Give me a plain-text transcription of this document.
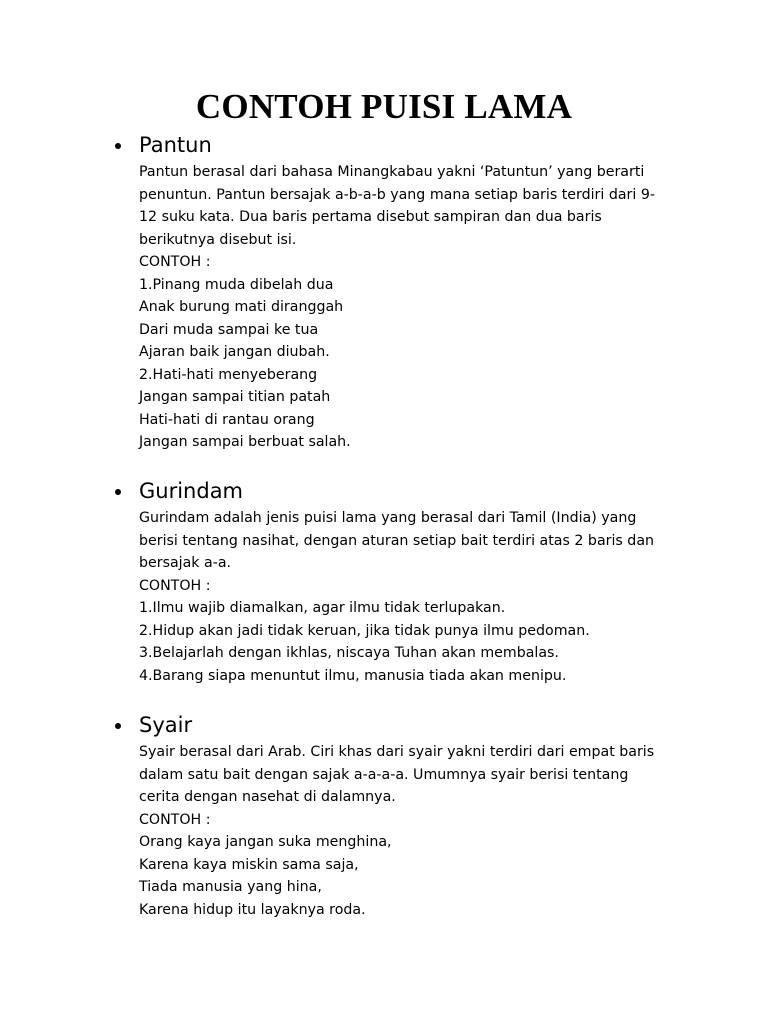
CONTOH PUISI LAMA
Pantun
Pantun berasal dari bahasa Minangkabau yakni ‘Patuntun’ yang berarti
penuntun. Pantun bersajak a-b-a-b yang mana setiap baris terdiri dari 9-
12 suku kata. Dua baris pertama disebut sampiran dan dua baris
berikutnya disebut isi.
CONTOH :
1.Pinang muda dibelah dua
Anak burung mati diranggah
Dari muda sampai ke tua
Ajaran baik jangan diubah.
2.Hati-hati menyeberang
Jangan sampai titian patah
Hati-hati di rantau orang
Jangan sampai berbuat salah.
Gurindam
Gurindam adalah jenis puisi lama yang berasal dari Tamil (India) yang
berisi tentang nasihat, dengan aturan setiap bait terdiri atas 2 baris dan
bersajak a-a.
CONTOH :
1.Ilmu wajib diamalkan, agar ilmu tidak terlupakan.
2.Hidup akan jadi tidak keruan, jika tidak punya ilmu pedoman.
3.Belajarlah dengan ikhlas, niscaya Tuhan akan membalas.
4.Barang siapa menuntut ilmu, manusia tiada akan menipu.
Syair
Syair berasal dari Arab. Ciri khas dari syair yakni terdiri dari empat baris
dalam satu bait dengan sajak a-a-a-a. Umumnya syair berisi tentang
cerita dengan nasehat di dalamnya.
CONTOH :
Orang kaya jangan suka menghina,
Karena kaya miskin sama saja,
Tiada manusia yang hina,
Karena hidup itu layaknya roda.
